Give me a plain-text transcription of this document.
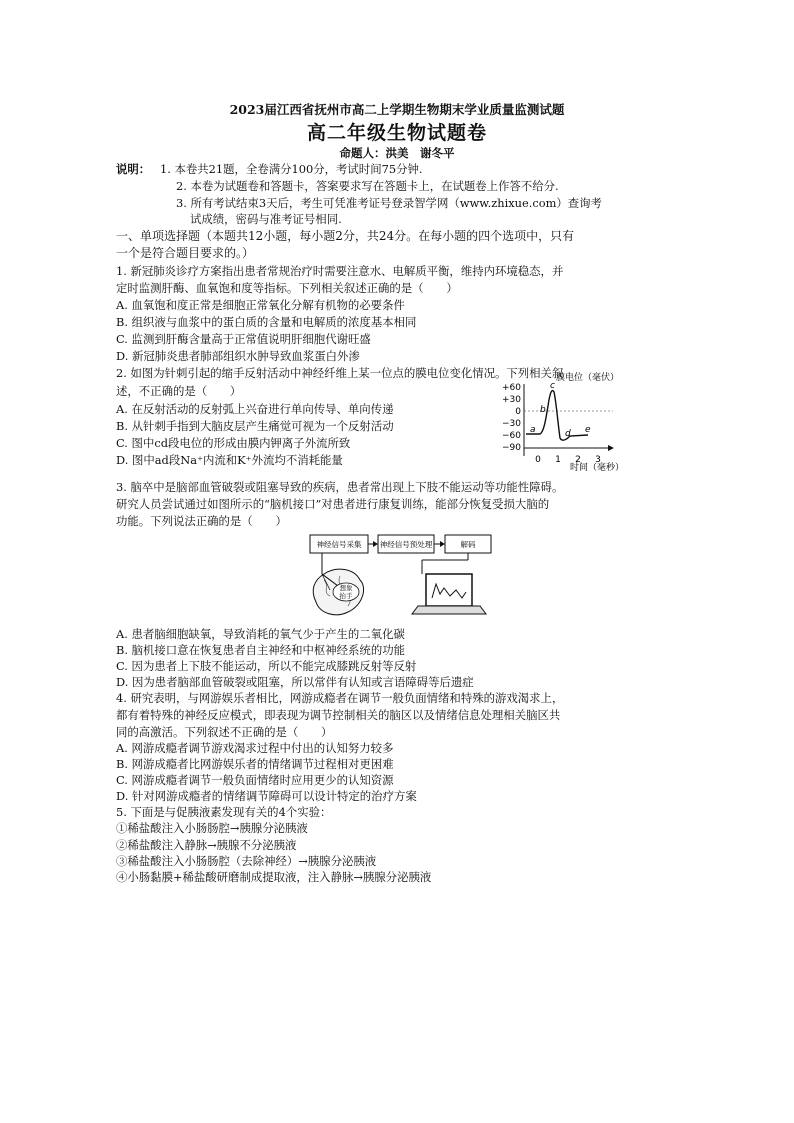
2023届江西省抚州市高二上学期生物期末学业质量监测试题
高二年级生物试题卷
命题人：洪美　谢冬平
说明： 1. 本卷共21题，全卷满分100分，考试时间75分钟.
2. 本卷为试题卷和答题卡，答案要求写在答题卡上，在试题卷上作答不给分.
3. 所有考试结束3天后，考生可凭准考证号登录智学网（www.zhixue.com）查询考
试成绩，密码与准考证号相同.
一、单项选择题（本题共12小题，每小题2分，共24分。在每小题的四个选项中，只有
一个是符合题目要求的。）
1. 新冠肺炎诊疗方案指出患者常规治疗时需要注意水、电解质平衡，维持内环境稳态，并
定时监测肝酶、血氧饱和度等指标。下列相关叙述正确的是（　　）
A. 血氧饱和度正常是细胞正常氧化分解有机物的必要条件
B. 组织液与血浆中的蛋白质的含量和电解质的浓度基本相同
C. 监测到肝酶含量高于正常值说明肝细胞代谢旺盛
D. 新冠肺炎患者肺部组织水肿导致血浆蛋白外渗
2. 如图为针刺引起的缩手反射活动中神经纤维上某一位点的膜电位变化情况。下列相关叙
述，不正确的是（　　）
A. 在反射活动的反射弧上兴奋进行单向传导、单向传递
B. 从针刺手指到大脑皮层产生痛觉可视为一个反射活动
C. 图中cd段电位的形成由膜内钾离子外流所致
D. 图中ad段Na⁺内流和K⁺外流均不消耗能量
膜电位（毫伏）
+60
+30
0
−30
−60
−90
0 1 2 3
a
b
c
d e
时间（毫秒）
3. 脑卒中是脑部血管破裂或阻塞导致的疾病，患者常出现上下肢不能运动等功能性障碍。
研究人员尝试通过如图所示的“脑机接口”对患者进行康复训练，能部分恢复受损大脑的
功能。下列说法正确的是（　　）
神经信号采集 神经信号预处理	解码
想象
抬手
A. 患者脑细胞缺氧，导致消耗的氧气少于产生的二氧化碳
B. 脑机接口意在恢复患者自主神经和中枢神经系统的功能
C. 因为患者上下肢不能运动，所以不能完成膝跳反射等反射
D. 因为患者脑部血管破裂或阻塞，所以常伴有认知或言语障碍等后遗症
4. 研究表明，与网游娱乐者相比，网游成瘾者在调节一般负面情绪和特殊的游戏渴求上，
都有着特殊的神经反应模式，即表现为调节控制相关的脑区以及情绪信息处理相关脑区共
同的高激活。下列叙述不正确的是（　　）
A. 网游成瘾者调节游戏渴求过程中付出的认知努力较多
B. 网游成瘾者比网游娱乐者的情绪调节过程相对更困难
C. 网游成瘾者调节一般负面情绪时应用更少的认知资源
D. 针对网游成瘾者的情绪调节障碍可以设计特定的治疗方案
5. 下面是与促胰液素发现有关的4个实验：
①稀盐酸注入小肠肠腔→胰腺分泌胰液
②稀盐酸注入静脉→胰腺不分泌胰液
③稀盐酸注入小肠肠腔（去除神经）→胰腺分泌胰液
④小肠黏膜+稀盐酸研磨制成提取液，注入静脉→胰腺分泌胰液
